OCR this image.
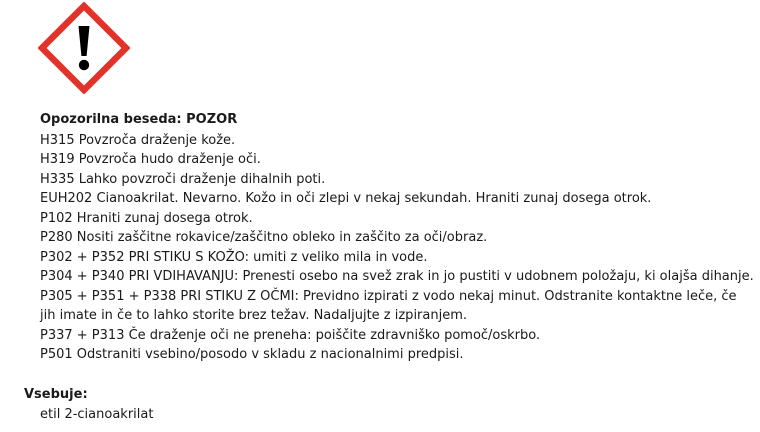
Opozorilna beseda: POZOR
H315 Povzroča draženje kože.
H319 Povzroča hudo draženje oči.
H335 Lahko povzroči draženje dihalnih poti.
EUH202 Cianoakrilat. Nevarno. Kožo in oči zlepi v nekaj sekundah. Hraniti zunaj dosega otrok.
P102 Hraniti zunaj dosega otrok.
P280 Nositi zaščitne rokavice/zaščitno obleko in zaščito za oči/obraz.
P302 + P352 PRI STIKU S KOŽO: umiti z veliko mila in vode.
P304 + P340 PRI VDIHAVANJU: Prenesti osebo na svež zrak in jo pustiti v udobnem položaju, ki olajša dihanje.
P305 + P351 + P338 PRI STIKU Z OČMI: Previdno izpirati z vodo nekaj minut. Odstranite kontaktne leče, če jih imate in če to lahko storite brez težav. Nadaljujte z izpiranjem.
P337 + P313 Če draženje oči ne preneha: poiščite zdravniško pomoč/oskrbo.
P501 Odstraniti vsebino/posodo v skladu z nacionalnimi predpisi.
Vsebuje:
etil 2-cianoakrilat
